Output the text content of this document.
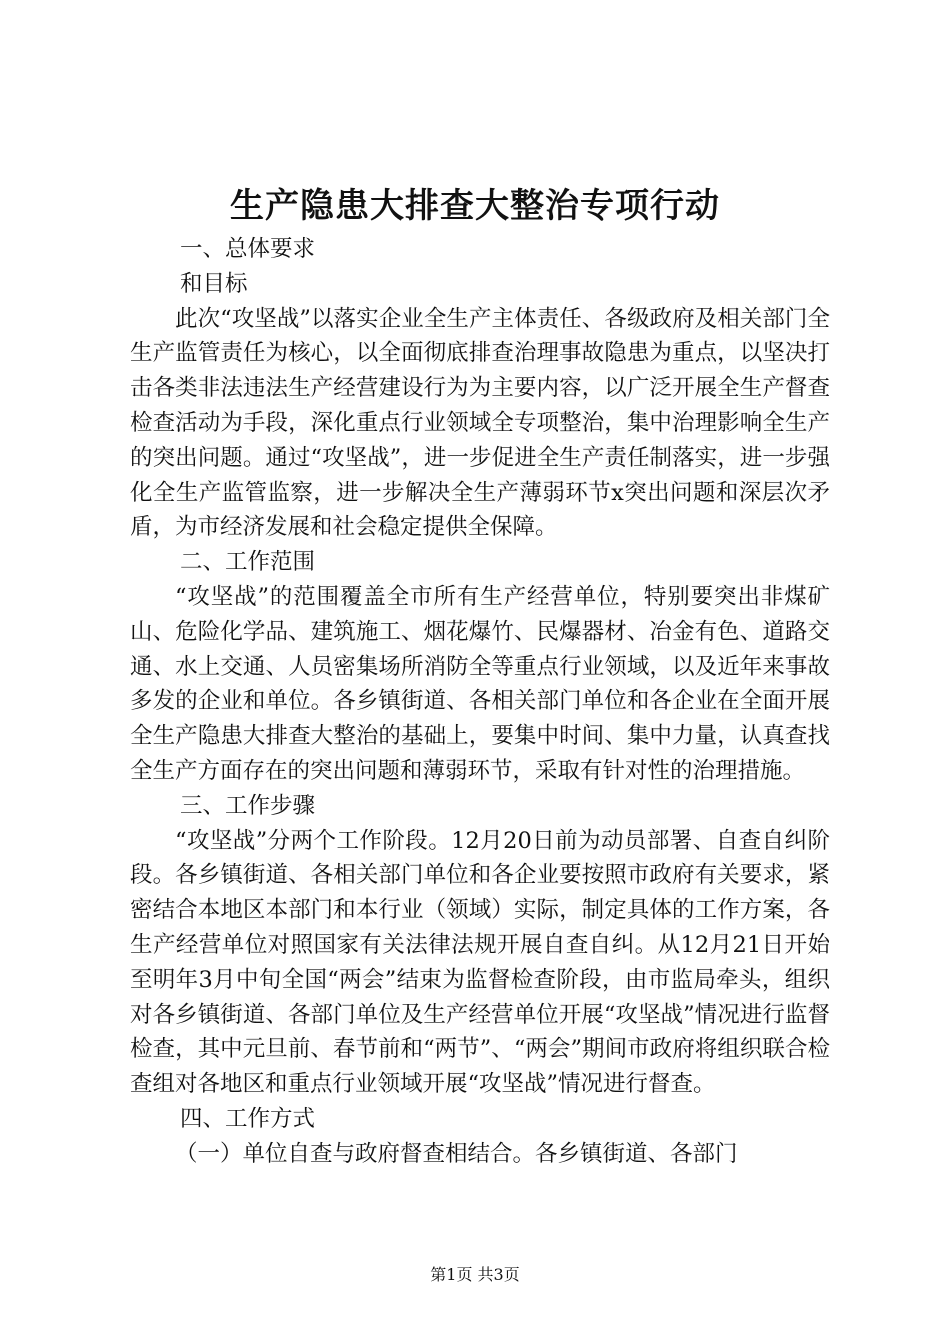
生产隐患大排查大整治专项行动

一、总体要求

和目标

此次“攻坚战”以落实企业全生产主体责任、各级政府及相关部门全生产监管责任为核心，以全面彻底排查治理事故隐患为重点，以坚决打击各类非法违法生产经营建设行为为主要内容，以广泛开展全生产督查检查活动为手段，深化重点行业领域全专项整治，集中治理影响全生产的突出问题。通过“攻坚战”，进一步促进全生产责任制落实，进一步强化全生产监管监察，进一步解决全生产薄弱环节x突出问题和深层次矛盾，为市经济发展和社会稳定提供全保障。

二、工作范围

“攻坚战”的范围覆盖全市所有生产经营单位，特别要突出非煤矿山、危险化学品、建筑施工、烟花爆竹、民爆器材、冶金有色、道路交通、水上交通、人员密集场所消防全等重点行业领域，以及近年来事故多发的企业和单位。各乡镇街道、各相关部门单位和各企业在全面开展全生产隐患大排查大整治的基础上，要集中时间、集中力量，认真查找全生产方面存在的突出问题和薄弱环节，采取有针对性的治理措施。

三、工作步骤

“攻坚战”分两个工作阶段。12月20日前为动员部署、自查自纠阶段。各乡镇街道、各相关部门单位和各企业要按照市政府有关要求，紧密结合本地区本部门和本行业（领域）实际，制定具体的工作方案，各生产经营单位对照国家有关法律法规开展自查自纠。从12月21日开始至明年3月中旬全国“两会”结束为监督检查阶段，由市监局牵头，组织对各乡镇街道、各部门单位及生产经营单位开展“攻坚战”情况进行监督检查，其中元旦前、春节前和“两节”、“两会”期间市政府将组织联合检查组对各地区和重点行业领域开展“攻坚战”情况进行督查。

四、工作方式

（一）单位自查与政府督查相结合。各乡镇街道、各部门

第1页 共3页
